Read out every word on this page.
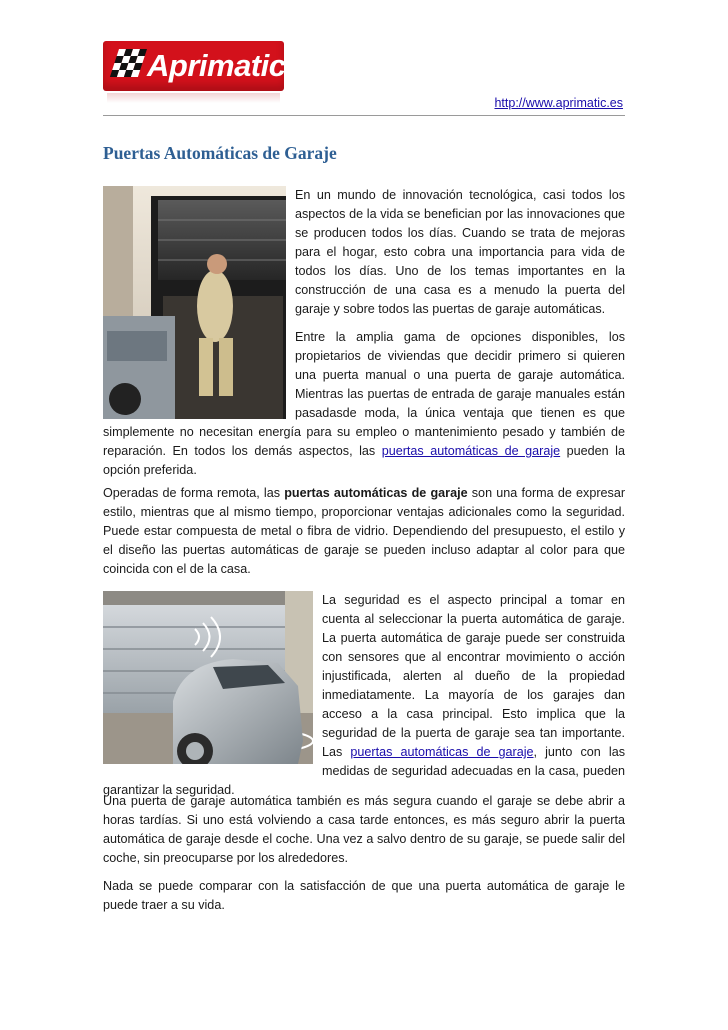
Aprimatic
http://www.aprimatic.es
Puertas Automáticas de Garaje

En un mundo de innovación tecnológica, casi todos los aspectos de la vida se benefician por las innovaciones que se producen todos los días. Cuando se trata de mejoras para el hogar, esto cobra una importancia para vida de todos los días. Uno de los temas importantes en la construcción de una casa es a menudo la puerta del garaje y sobre todos las puertas de garaje automáticas.

Entre la amplia gama de opciones disponibles, los propietarios de viviendas que decidir primero si quieren una puerta manual o una puerta de garaje automática. Mientras las puertas de entrada de garaje manuales están pasadasde moda, la única ventaja que tienen es que simplemente no necesitan energía para su empleo o mantenimiento pesado y también de reparación. En todos los demás aspectos, las puertas automáticas de garaje pueden la opción preferida.

Operadas de forma remota, las puertas automáticas de garaje son una forma de expresar estilo, mientras que al mismo tiempo, proporcionar ventajas adicionales como la seguridad. Puede estar compuesta de metal o fibra de vidrio. Dependiendo del presupuesto, el estilo y el diseño las puertas automáticas de garaje se pueden incluso adaptar al color para que coincida con el de la casa.

La seguridad es el aspecto principal a tomar en cuenta al seleccionar la puerta automática de garaje. La puerta automática de garaje puede ser construida con sensores que al encontrar movimiento o acción injustificada, alerten al dueño de la propiedad inmediatamente. La mayoría de los garajes dan acceso a la casa principal. Esto implica que la seguridad de la puerta de garaje sea tan importante. Las puertas automáticas de garaje, junto con las medidas de seguridad adecuadas en la casa, pueden garantizar la seguridad.

Una puerta de garaje automática también es más segura cuando el garaje se debe abrir a horas tardías. Si uno está volviendo a casa tarde entonces, es más seguro abrir la puerta automática de garaje desde el coche. Una vez a salvo dentro de su garaje, se puede salir del coche, sin preocuparse por los alrededores.

Nada se puede comparar con la satisfacción de que una puerta automática de garaje le puede traer a su vida.
